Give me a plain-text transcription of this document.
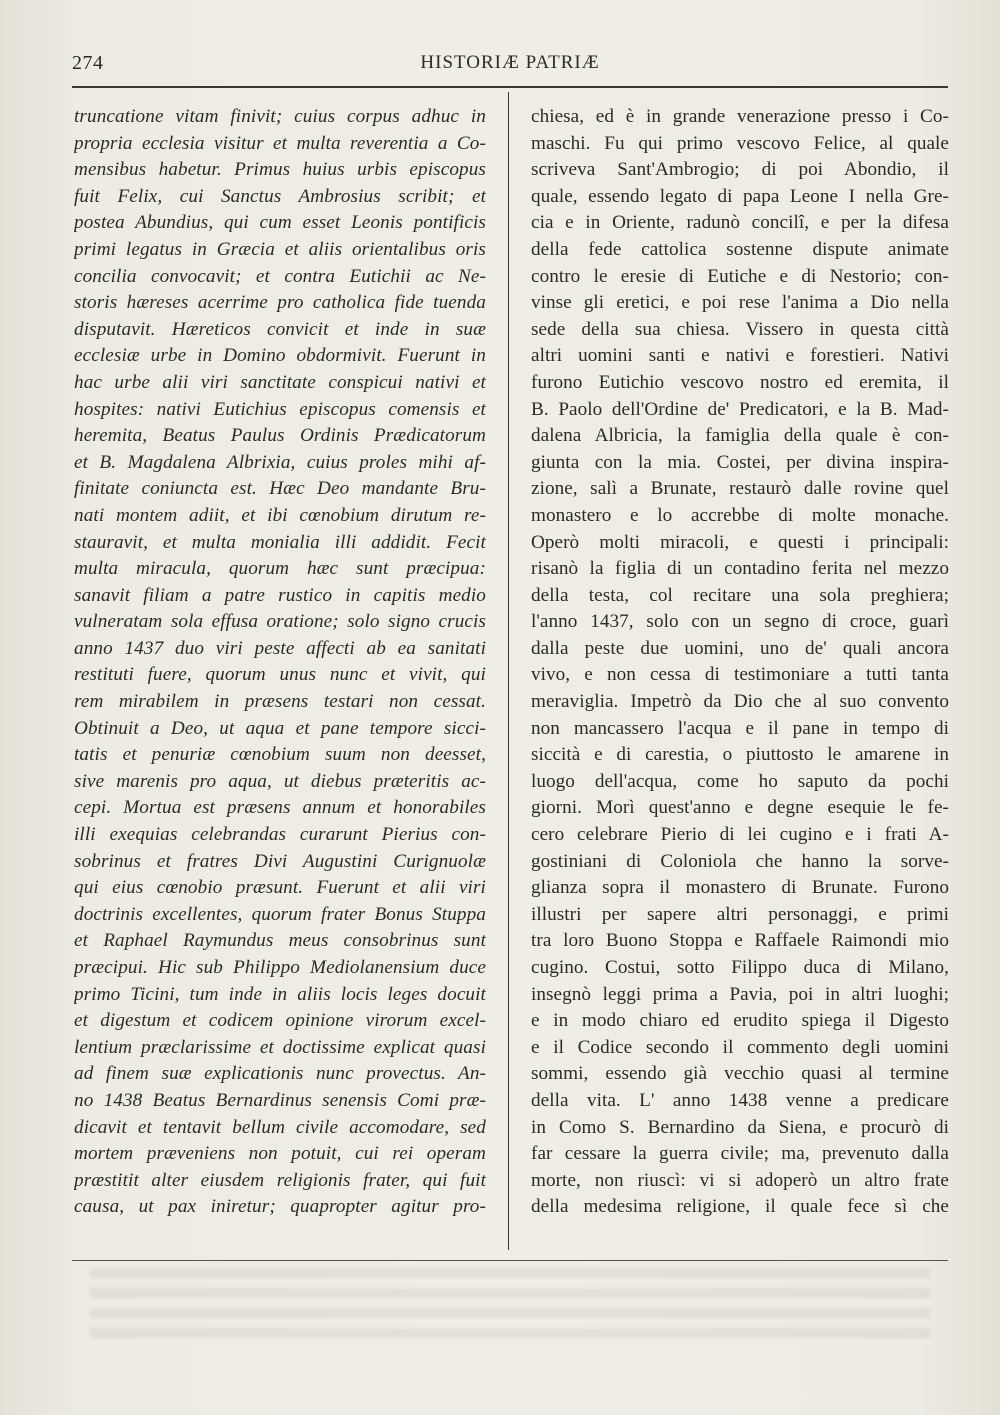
274	HISTORIÆ PATRIÆ
truncatione vitam finivit; cuius corpus adhuc in
propria ecclesia visitur et multa reverentia a Co-
mensibus habetur. Primus huius urbis episcopus
fuit Felix, cui Sanctus Ambrosius scribit; et
postea Abundius, qui cum esset Leonis pontificis
primi legatus in Græcia et aliis orientalibus oris
concilia convocavit; et contra Eutichii ac Ne-
storis hæreses acerrime pro catholica fide tuenda
disputavit. Hæreticos convicit et inde in suæ
ecclesiæ urbe in Domino obdormivit. Fuerunt in
hac urbe alii viri sanctitate conspicui nativi et
hospites: nativi Eutichius episcopus comensis et
heremita, Beatus Paulus Ordinis Prædicatorum
et B. Magdalena Albrixia, cuius proles mihi af-
finitate coniuncta est. Hæc Deo mandante Bru-
nati montem adiit, et ibi cœnobium dirutum re-
stauravit, et multa monialia illi addidit. Fecit
multa miracula, quorum hæc sunt præcipua:
sanavit filiam a patre rustico in capitis medio
vulneratam sola effusa oratione; solo signo crucis
anno 1437 duo viri peste affecti ab ea sanitati
restituti fuere, quorum unus nunc et vivit, qui
rem mirabilem in præsens testari non cessat.
Obtinuit a Deo, ut aqua et pane tempore sicci-
tatis et penuriæ cœnobium suum non deesset,
sive marenis pro aqua, ut diebus præteritis ac-
cepi. Mortua est præsens annum et honorabiles
illi exequias celebrandas curarunt Pierius con-
sobrinus et fratres Divi Augustini Curignuolæ
qui eius cœnobio præsunt. Fuerunt et alii viri
doctrinis excellentes, quorum frater Bonus Stuppa
et Raphael Raymundus meus consobrinus sunt
præcipui. Hic sub Philippo Mediolanensium duce
primo Ticini, tum inde in aliis locis leges docuit
et digestum et codicem opinione virorum excel-
lentium præclarissime et doctissime explicat quasi
ad finem suæ explicationis nunc provectus. An-
no 1438 Beatus Bernardinus senensis Comi præ-
dicavit et tentavit bellum civile accomodare, sed
mortem præveniens non potuit, cui rei operam
præstitit alter eiusdem religionis frater, qui fuit
causa, ut pax iniretur; quapropter agitur pro-
chiesa, ed è in grande venerazione presso i Co-
maschi. Fu qui primo vescovo Felice, al quale
scriveva Sant'Ambrogio; di poi Abondio, il
quale, essendo legato di papa Leone I nella Gre-
cia e in Oriente, radunò concilî, e per la difesa
della fede cattolica sostenne dispute animate
contro le eresie di Eutiche e di Nestorio; con-
vinse gli eretici, e poi rese l'anima a Dio nella
sede della sua chiesa. Vissero in questa città
altri uomini santi e nativi e forestieri. Nativi
furono Eutichio vescovo nostro ed eremita, il
B. Paolo dell'Ordine de' Predicatori, e la B. Mad-
dalena Albricia, la famiglia della quale è con-
giunta con la mia. Costei, per divina inspira-
zione, salì a Brunate, restaurò dalle rovine quel
monastero e lo accrebbe di molte monache.
Operò molti miracoli, e questi i principali:
risanò la figlia di un contadino ferita nel mezzo
della testa, col recitare una sola preghiera;
l'anno 1437, solo con un segno di croce, guarì
dalla peste due uomini, uno de' quali ancora
vivo, e non cessa di testimoniare a tutti tanta
meraviglia. Impetrò da Dio che al suo convento
non mancassero l'acqua e il pane in tempo di
siccità e di carestia, o piuttosto le amarene in
luogo dell'acqua, come ho saputo da pochi
giorni. Morì quest'anno e degne esequie le fe-
cero celebrare Pierio di lei cugino e i frati A-
gostiniani di Coloniola che hanno la sorve-
glianza sopra il monastero di Brunate. Furono
illustri per sapere altri personaggi, e primi
tra loro Buono Stoppa e Raffaele Raimondi mio
cugino. Costui, sotto Filippo duca di Milano,
insegnò leggi prima a Pavia, poi in altri luoghi;
e in modo chiaro ed erudito spiega il Digesto
e il Codice secondo il commento degli uomini
sommi, essendo già vecchio quasi al termine
della vita. L' anno 1438 venne a predicare
in Como S. Bernardino da Siena, e procurò di
far cessare la guerra civile; ma, prevenuto dalla
morte, non riuscì: vi si adoperò un altro frate
della medesima religione, il quale fece sì che
